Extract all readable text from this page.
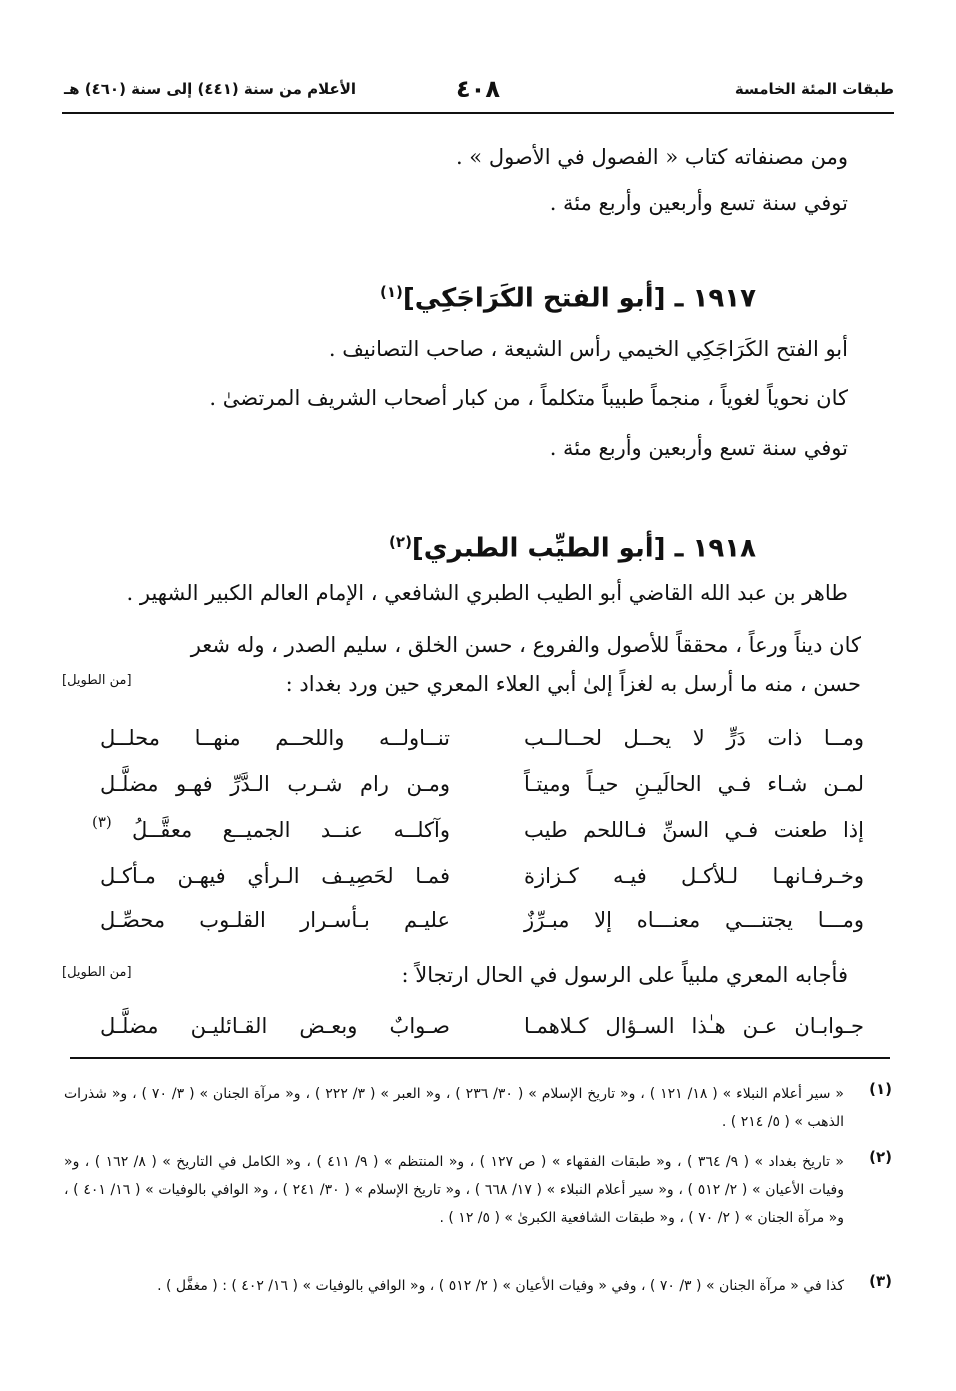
طبقات المئة الخامسة
٤٠٨
الأعلام من سنة (٤٤١) إلى سنة (٤٦٠) هـ
ومن مصنفاته كتاب « الفصول في الأصول » .
توفي سنة تسع وأربعين وأربع مئة .
١٩١٧ ـ [أبو الفتح الكَرَاجَكِي]$^{(١)}$
أبو الفتح الكَرَاجَكِي الخيمي رأس الشيعة ، صاحب التصانيف .
كان نحوياً لغوياً ، منجماً طبيباً متكلماً ، من كبار أصحاب الشريف المرتضىٰ .
توفي سنة تسع وأربعين وأربع مئة .
١٩١٨ ـ [أبو الطيِّب الطبري]$^{(٢)}$
طاهر بن عبد الله القاضي أبو الطيب الطبري الشافعي ، الإمام العالم الكبير الشهير .
كان ديناً ورعاً ، محققاً للأصول والفروع ، حسن الخلق ، سليم الصدر ، وله شعر
حسن ، منه ما أرسل به لغزاً إلىٰ أبي العلاء المعري حين ورد بغداد :
[من الطويل]
ومــا ذات دَرٍّ لا يحــل لحــالــب
تنــاولــه واللحــم منهــا محلــل
لمـن شـاء فـي الحالَيـنِ حيـاً وميتـاً
ومـن رام شـرب الـدَّرِّ فهـو مضلَّـل
إذا طعنت فـي السنِّ فـاللحم طيب
وآكلــه عنــد الجميــع معقَّــلُ
(٣)
وخـرفـانهـا لـلأكـل فيـه كـزازة
فمـا لحَصِيـف الـرأي فيهـن مـأكـل
ومـــا يجتنـــي معنـــاه إلا مبـرِّزٌ
عليـم بـأسـرار القلـوب محصِّـل
فأجابه المعري ملبياً على الرسول في الحال ارتجالاً :
[من الطويل]
جـوابـان عـن هـٰذا السـؤال كـلاهمـا
صـوابٌ وبعـض القـائليـن مضلَّـل
(١)
« سير أعلام النبلاء » ( ١٨/ ١٢١ ) ، و« تاريخ الإسلام » ( ٣٠/ ٢٣٦ ) ، و« العبر » ( ٣/ ٢٢٢ ) ، و« مرآة الجنان » ( ٣/ ٧٠ ) ، و« شذرات الذهب » ( ٥/ ٢١٤ ) .
(٢)
« تاريخ بغداد » ( ٩/ ٣٦٤ ) ، و« طبقات الفقهاء » ( ص ١٢٧ ) ، و« المنتظم » ( ٩/ ٤١١ ) ، و« الكامل في التاريخ » ( ٨/ ١٦٢ ) ، و« وفيات الأعيان » ( ٢/ ٥١٢ ) ، و« سير أعلام النبلاء » ( ١٧/ ٦٦٨ ) ، و« تاريخ الإسلام » ( ٣٠/ ٢٤١ ) ، و« الوافي بالوفيات » ( ١٦/ ٤٠١ ) ، و« مرآة الجنان » ( ٢/ ٧٠ ) ، و« طبقات الشافعية الكبرىٰ » ( ٥/ ١٢ ) .
(٣)
كذا في « مرآة الجنان » ( ٣/ ٧٠ ) ، وفي « وفيات الأعيان » ( ٢/ ٥١٢ ) ، و« الوافي بالوفيات » ( ١٦/ ٤٠٢ ) : ( مغفَّل ) .
